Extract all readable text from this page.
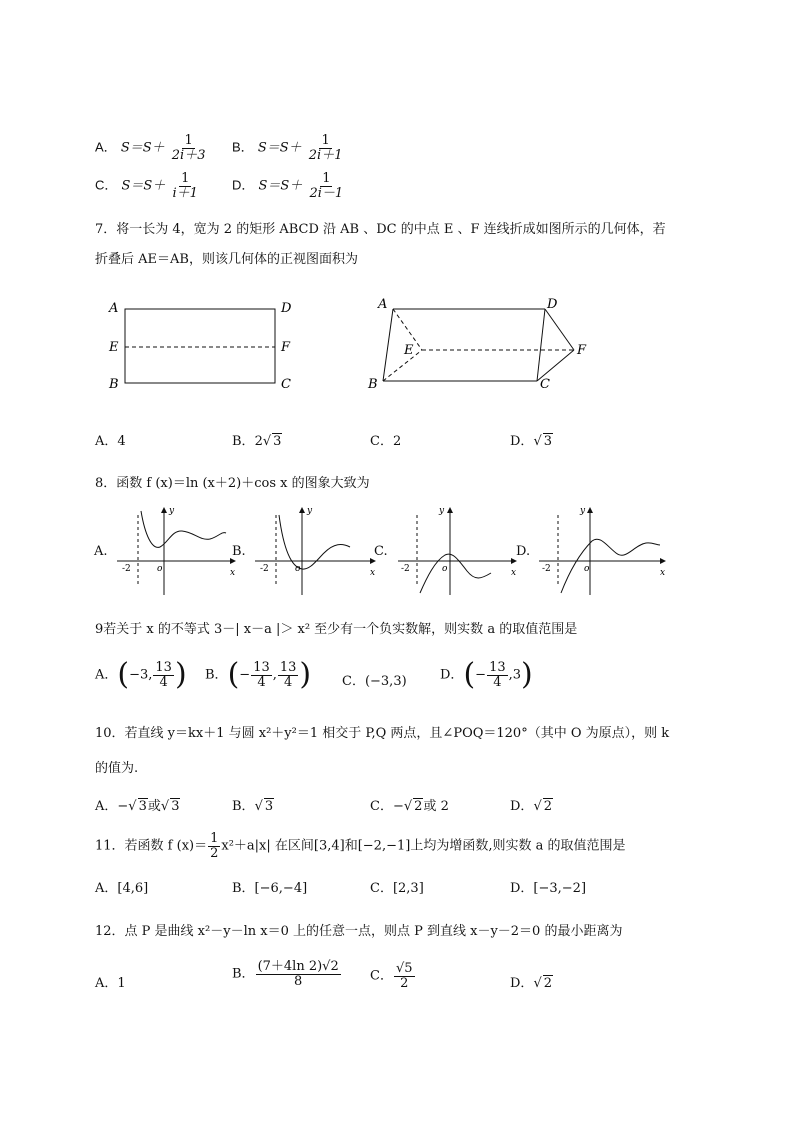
A． $S=S+ \frac{1}{2i+3}$ B． $S=S+ \frac{1}{2i+1}$
C． $S=S+ \frac{1}{i+1}$ D． $S=S+ \frac{1}{2i-1}$
7．将一长为 4，宽为 2 的矩形 ABCD 沿 AB 、DC 的中点 E 、F 连线折成如图所示的几何体，若
折叠后 AE＝AB，则该几何体的正视图面积为
A
E
B
D
F
C
A
E
B
D
F
C
A．4	B．2√ 3	C．2	D．√ 3
8．函数 f (x)＝ln (x＋2)＋cos x 的图象大致为
A.	B.	C.	D.
y
x
o
-2
y
x
o
-2
y
x
o
-2
y
x
o
-2
9若关于 x 的不等式 3－| x－a |＞ x² 至少有一个负实数解，则实数 a 的取值范围是
A．(−3, $\frac{13}{4}$ ) B．(− $\frac{13}{4}$ , $\frac{13}{4}$ ) C．(−3,3)	D．(− $\frac{13}{4} ,3$)
10．若直线 y＝kx＋1 与圆 x²＋y²＝1 相交于 P,Q 两点，且∠POQ＝120°（其中 O 为原点），则 k
的值为.
A．−√ 3或√ 3	B．√ 3	C．−√ 2或 2	D．√ 2
11．若函数 f $(x)= \frac{1}{2} x^2+a|x|$ 在区间[3,4]和[−2,−1]上均为增函数,则实数 a 的取值范围是
A．[4,6]	B．[−6,−4]	C．[2,3]	D．[−3,−2]
12．点 P 是曲线 x²－y－ln x＝0 上的任意一点，则点 P 到直线 x－y－2＝0 的最小距离为
A．1
B． $\frac{(7+4\ln 2)√2}{8}$ C． $\frac{√5}{2}$	D．√ 2
